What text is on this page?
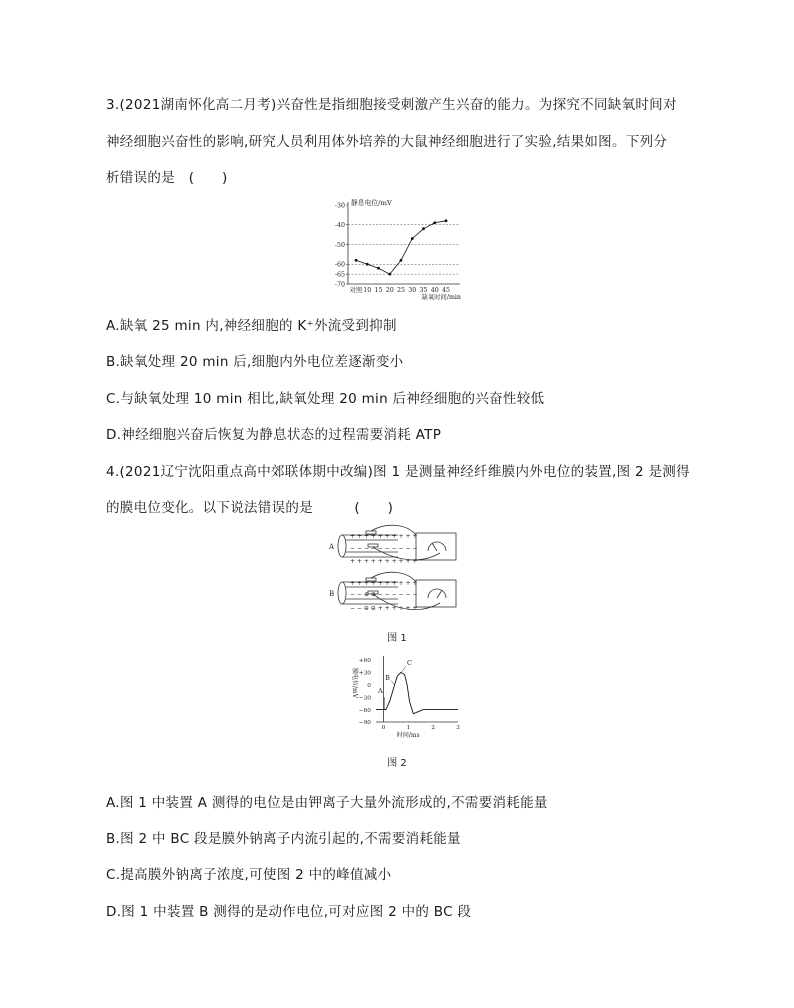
3.(2021湖南怀化高二月考)兴奋性是指细胞接受刺激产生兴奋的能力。为探究不同缺氧时间对
神经细胞兴奋性的影响,研究人员利用体外培养的大鼠神经细胞进行了实验,结果如图。下列分
析错误的是　(　　)
-30
-40
-50
-60
-65
-70
对照 10 15 20 25 30 35 40 45
静息电位/mV
缺氧时间/min
A.缺氧 25 min 内,神经细胞的 K⁺外流受到抑制
B.缺氧处理 20 min 后,细胞内外电位差逐渐变小
C.与缺氧处理 10 min 相比,缺氧处理 20 min 后神经细胞的兴奋性较低
D.神经细胞兴奋后恢复为静息状态的过程需要消耗 ATP
4.(2021辽宁沈阳重点高中郊联体期中改编)图 1 是测量神经纤维膜内外电位的装置,图 2 是测得
的膜电位变化。以下说法错误的是　　　(　　)
+ + + + + + + + + +
− − − − − − − − − −
+ + + + + + + + + +
+ + + + + + + + + +
− − ⊕ ⊕ − − − − − −
− − ⊖ ⊖ + + + + + +
A
B
图 1
+60
+30
0
−30
−60
−90
0	1	2	3
膜电位/mV
时间/ms
A
B
C
图 2
A.图 1 中装置 A 测得的电位是由钾离子大量外流形成的,不需要消耗能量
B.图 2 中 BC 段是膜外钠离子内流引起的,不需要消耗能量
C.提高膜外钠离子浓度,可使图 2 中的峰值减小
D.图 1 中装置 B 测得的是动作电位,可对应图 2 中的 BC 段
